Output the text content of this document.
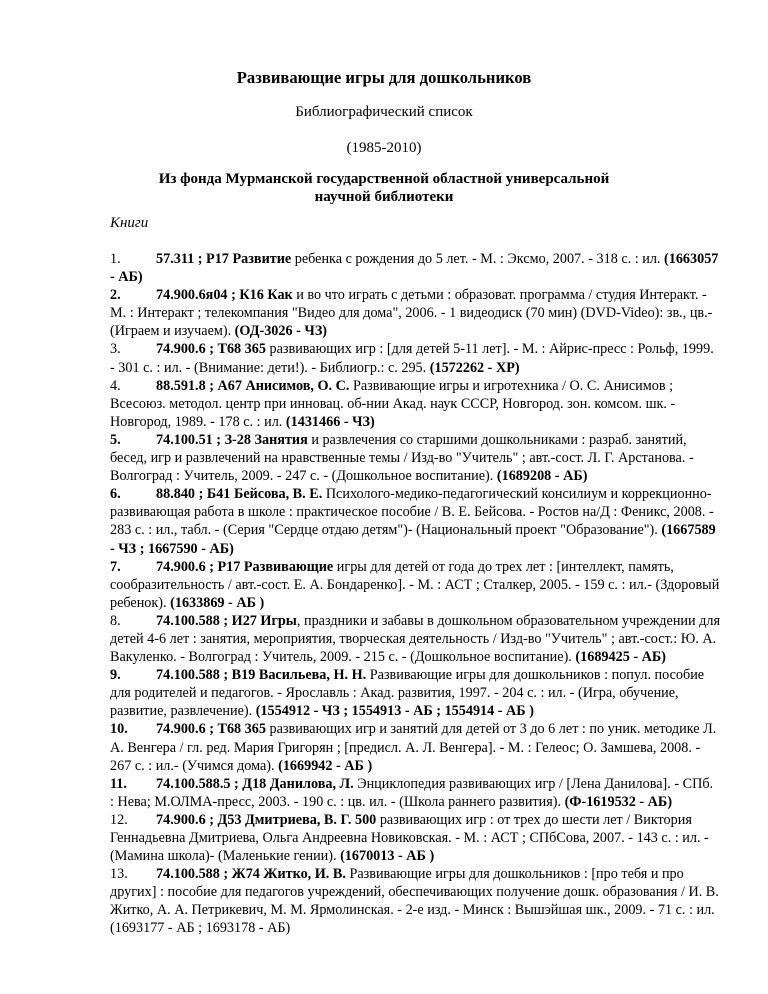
Развивающие игры для дошкольников
Библиографический список
(1985-2010)
Из фонда Мурманской государственной областной универсальной научной библиотеки
Книги

1. 57.311 ; Р17 Развитие ребенка с рождения до 5 лет. - М. : Эксмо, 2007. - 318 с. : ил. (1663057 - АБ)

2. 74.900.6я04 ; К16 Как и во что играть с детьми : образоват. программа / студия Интеракт. - М. : Интеракт ; телекомпания "Видео для дома", 2006. - 1 видеодиск (70 мин) (DVD-Video): зв., цв.- (Играем и изучаем). (ОД-3026 - ЧЗ)

3. 74.900.6 ; Т68 365 развивающих игр : [для детей 5-11 лет]. - М. : Айрис-пресс : Рольф, 1999. - 301 с. : ил. - (Внимание: дети!). - Библиогр.: с. 295. (1572262 - ХР)

4. 88.591.8 ; А67 Анисимов, О. С. Развивающие игры и игротехника / О. С. Анисимов ; Всесоюз. методол. центр при инновац. об-нии Акад. наук СССР, Новгород. зон. комсом. шк. - Новгород, 1989. - 178 с. : ил. (1431466 - ЧЗ)

5. 74.100.51 ; З-28 Занятия и развлечения со старшими дошкольниками : разраб. занятий, бесед, игр и развлечений на нравственные темы / Изд-во "Учитель" ; авт.-сост. Л. Г. Арстанова. - Волгоград : Учитель, 2009. - 247 с. - (Дошкольное воспитание). (1689208 - АБ)

6. 88.840 ; Б41 Бейсова, В. Е. Психолого-медико-педагогический консилиум и коррекционно-развивающая работа в школе : практическое пособие / В. Е. Бейсова. - Ростов на/Д : Феникс, 2008. - 283 с. : ил., табл. - (Серия "Сердце отдаю детям")- (Национальный проект "Образование"). (1667589 - ЧЗ ; 1667590 - АБ)

7. 74.900.6 ; Р17 Развивающие игры для детей от года до трех лет : [интеллект, память, сообразительность / авт.-сост. Е. А. Бондаренко]. - М. : АСТ ; Сталкер, 2005. - 159 с. : ил.- (Здоровый ребенок). (1633869 - АБ )

8. 74.100.588 ; И27 Игры, праздники и забавы в дошкольном образовательном учреждении для детей 4-6 лет : занятия, мероприятия, творческая деятельность / Изд-во "Учитель" ; авт.-сост.: Ю. А. Вакуленко. - Волгоград : Учитель, 2009. - 215 с. - (Дошкольное воспитание). (1689425 - АБ)

9. 74.100.588 ; В19 Васильева, Н. Н. Развивающие игры для дошкольников : попул. пособие для родителей и педагогов. - Ярославль : Акад. развития, 1997. - 204 с. : ил. - (Игра, обучение, развитие, развлечение). (1554912 - ЧЗ ; 1554913 - АБ ; 1554914 - АБ )

10. 74.900.6 ; Т68 365 развивающих игр и занятий для детей от 3 до 6 лет : по уник. методике Л. А. Венгера / гл. ред. Мария Григорян ; [предисл. А. Л. Венгера]. - М. : Гелеос; О. Замшева, 2008. - 267 с. : ил.- (Учимся дома). (1669942 - АБ )

11. 74.100.588.5 ; Д18 Данилова, Л. Энциклопедия развивающих игр / [Лена Данилова]. - СПб. : Нева; М.ОЛМА-пресс, 2003. - 190 с. : цв. ил. - (Школа раннего развития). (Ф-1619532 - АБ)

12. 74.900.6 ; Д53 Дмитриева, В. Г. 500 развивающих игр : от трех до шести лет / Виктория Геннадьевна Дмитриева, Ольга Андреевна Новиковская. - М. : АСТ ; СПбСова, 2007. - 143 с. : ил. - (Мамина школа)- (Маленькие гении). (1670013 - АБ )

13. 74.100.588 ; Ж74 Житко, И. В. Развивающие игры для дошкольников : [про тебя и про других] : пособие для педагогов учреждений, обеспечивающих получение дошк. образования / И. В. Житко, А. А. Петрикевич, М. М. Ярмолинская. - 2-е изд. - Минск : Вышэйшая шк., 2009. - 71 с. : ил. (1693177 - АБ ; 1693178 - АБ)
